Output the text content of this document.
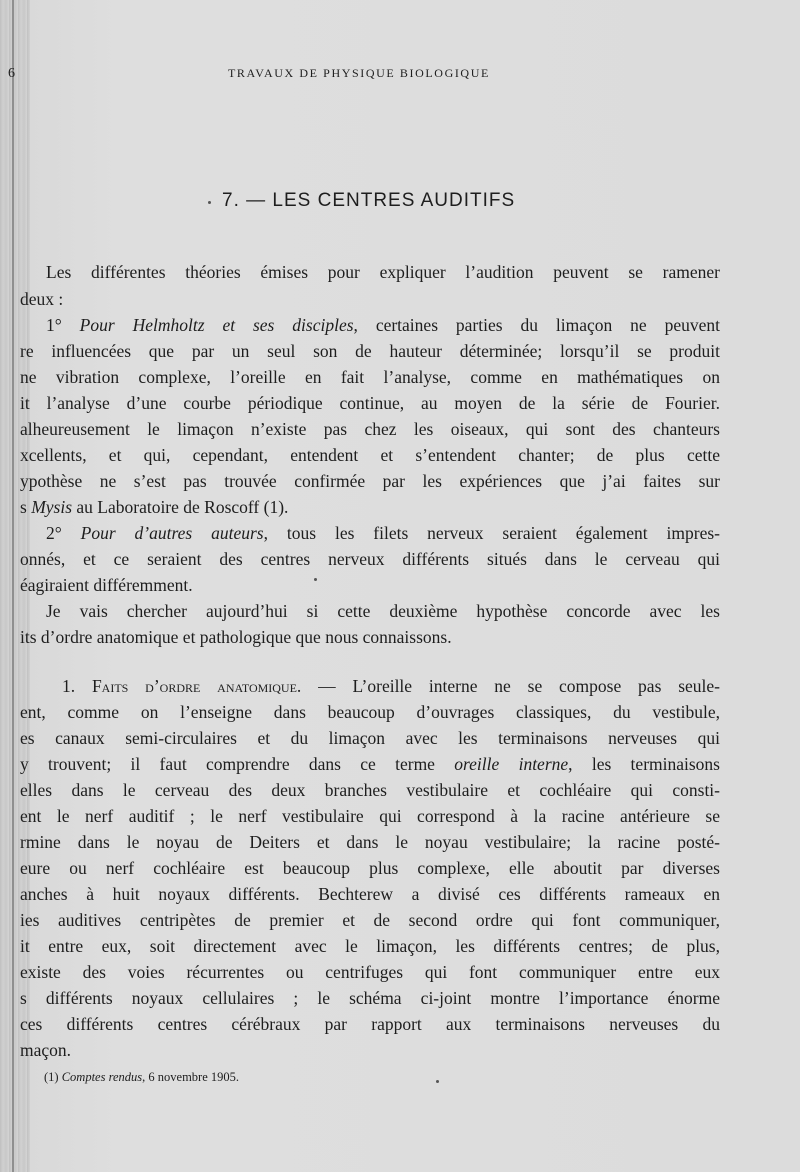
6	TRAVAUX DE PHYSIQUE BIOLOGIQUE
7. — LES CENTRES AUDITIFS
Les différentes théories émises pour expliquer l’audition peuvent se ramener
deux :
1° Pour Helmholtz et ses disciples, certaines parties du limaçon ne peuvent
re influencées que par un seul son de hauteur déterminée; lorsqu’il se produit
ne vibration complexe, l’oreille en fait l’analyse, comme en mathématiques on
it l’analyse d’une courbe périodique continue, au moyen de la série de Fourier.
alheureusement le limaçon n’existe pas chez les oiseaux, qui sont des chanteurs
xcellents, et qui, cependant, entendent et s’entendent chanter; de plus cette
ypothèse ne s’est pas trouvée confirmée par les expériences que j’ai faites sur
s Mysis au Laboratoire de Roscoff (1).
2° Pour d’autres auteurs, tous les filets nerveux seraient également impres-
onnés, et ce seraient des centres nerveux différents situés dans le cerveau qui
éagiraient différemment.
Je vais chercher aujourd’hui si cette deuxième hypothèse concorde avec les
its d’ordre anatomique et pathologique que nous connaissons.
1. Faits d’ordre anatomique. — L’oreille interne ne se compose pas seule-
ent, comme on l’enseigne dans beaucoup d’ouvrages classiques, du vestibule,
es canaux semi-circulaires et du limaçon avec les terminaisons nerveuses qui
y trouvent; il faut comprendre dans ce terme oreille interne, les terminaisons
elles dans le cerveau des deux branches vestibulaire et cochléaire qui consti-
ent le nerf auditif ; le nerf vestibulaire qui correspond à la racine antérieure se
rmine dans le noyau de Deiters et dans le noyau vestibulaire; la racine posté-
eure ou nerf cochléaire est beaucoup plus complexe, elle aboutit par diverses
anches à huit noyaux différents. Bechterew a divisé ces différents rameaux en
ies auditives centripètes de premier et de second ordre qui font communiquer,
it entre eux, soit directement avec le limaçon, les différents centres; de plus,
existe des voies récurrentes ou centrifuges qui font communiquer entre eux
s différents noyaux cellulaires ; le schéma ci-joint montre l’importance énorme
ces différents centres cérébraux par rapport aux terminaisons nerveuses du
maçon.
(1) Comptes rendus, 6 novembre 1905.
